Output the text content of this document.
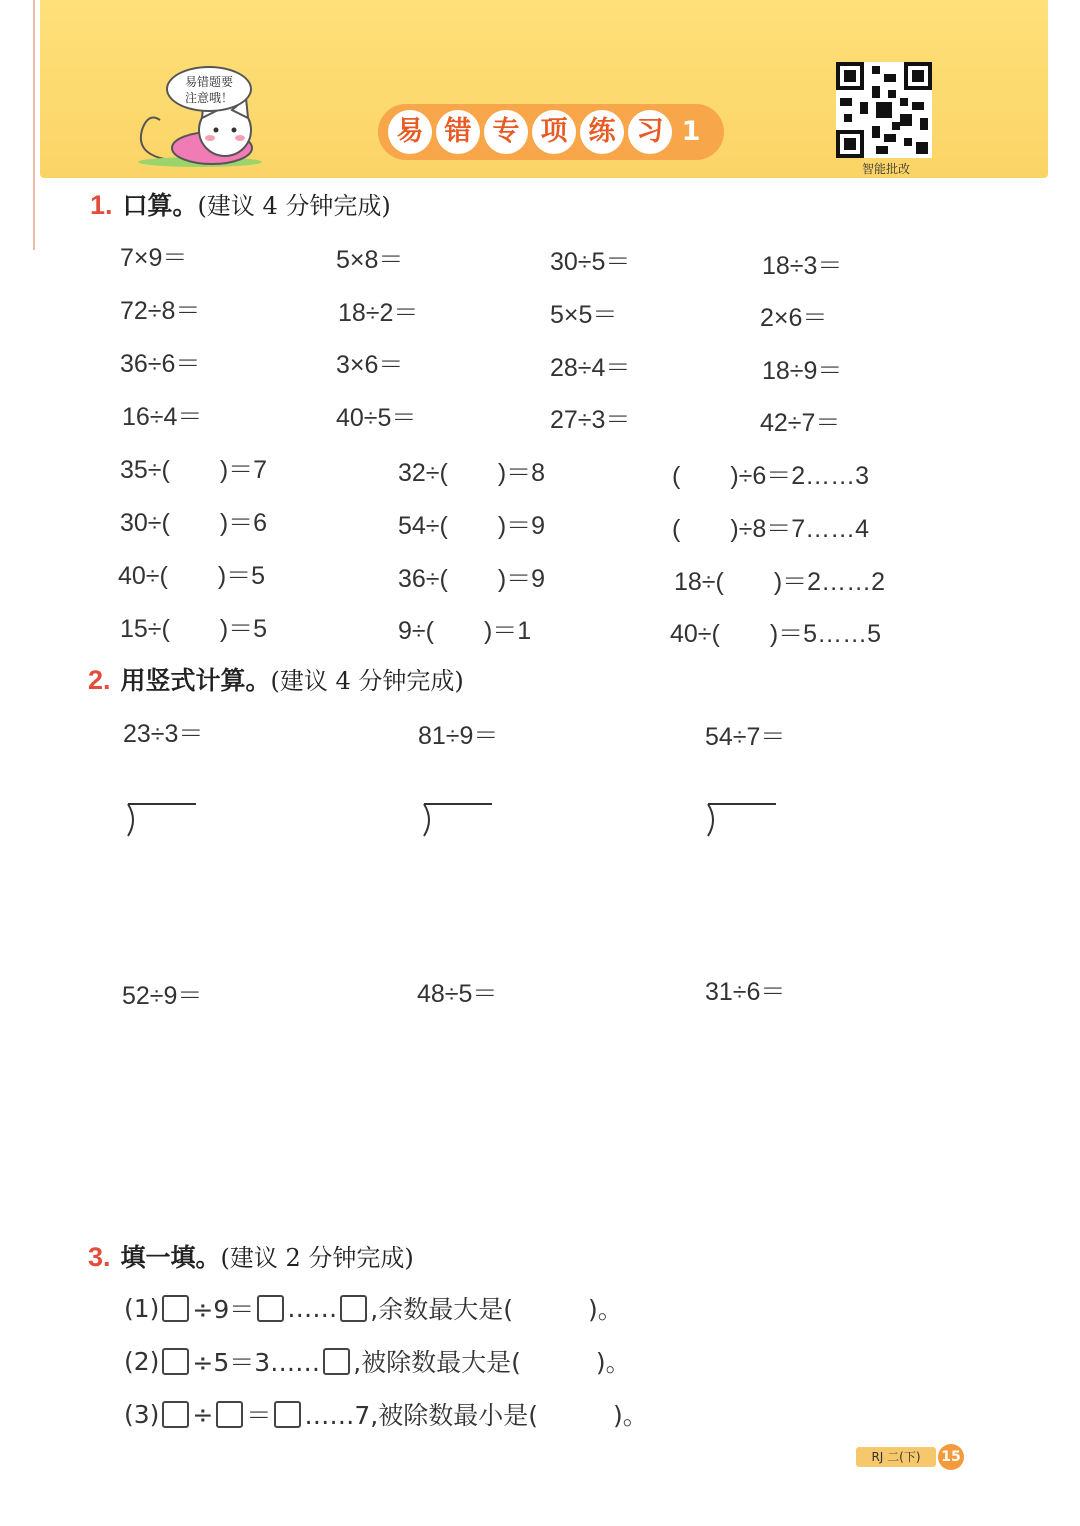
易错题要
注意哦！
易 错 专 项 练 习 1
智能批改
1. 口算。(建议 4 分钟完成)
7×9＝	5×8＝	30÷5＝	18÷3＝
72÷8＝	18÷2＝	5×5＝	2×6＝
36÷6＝	3×6＝	28÷4＝	18÷9＝
16÷4＝	40÷5＝	27÷3＝	42÷7＝
35÷(　　)＝7	32÷(　　)＝8	(　　)÷6＝2……3
30÷(　　)＝6	54÷(　　)＝9	(　　)÷8＝7……4
40÷(　　)＝5	36÷(　　)＝9	18÷(　　)＝2……2
15÷(　　)＝5	9÷(　　)＝1	40÷(　　)＝5……5
2. 用竖式计算。(建议 4 分钟完成)
23÷3＝	81÷9＝	54÷7＝
52÷9＝	48÷5＝	31÷6＝
3. 填一填。(建议 2 分钟完成)
(1) ÷9＝ …… ,余数最大是(　　　)。
(2) ÷5＝3…… ,被除数最大是(　　　)。
(3) ÷ ＝ ……7,被除数最小是(　　　)。
RJ 二(下)	15
